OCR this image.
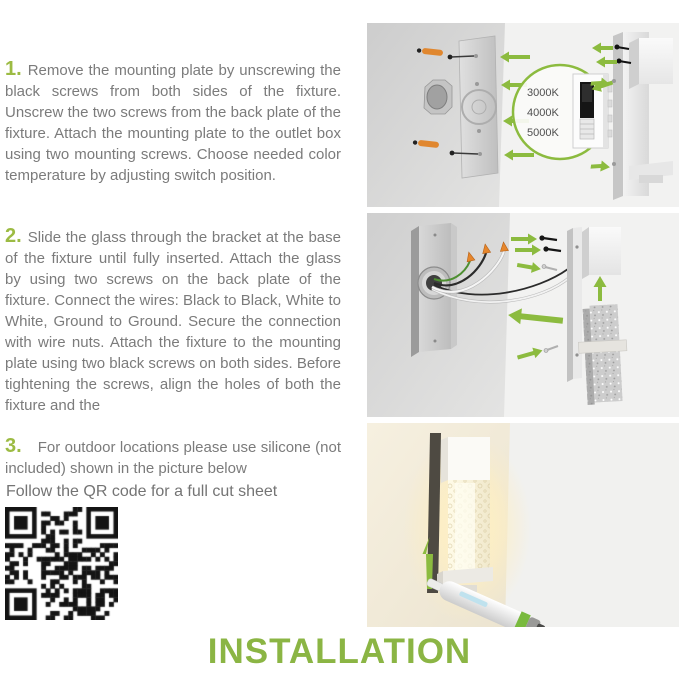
1. Remove the mounting plate by unscrewing the black screws from both sides of the fixture. Unscrew the two screws from the back plate of the fixture. Attach the mounting plate to the outlet box using two mounting screws. Choose needed color temperature by adjusting switch position.

2. Slide the glass through the bracket at the base of the fixture until fully inserted. Attach the glass by using two screws on the back plate of the fixture. Connect the wires: Black to Black, White to White, Ground to Ground. Secure the connection with wire nuts. Attach the fixture to the mounting plate using two black screws on both sides. Before tightening the screws, align the holes of both the fixture and the

3. For outdoor locations please use silicone (not included) shown in the picture below

Follow the QR code for a full cut sheet
3000K
4000K
5000K
INSTALLATION
